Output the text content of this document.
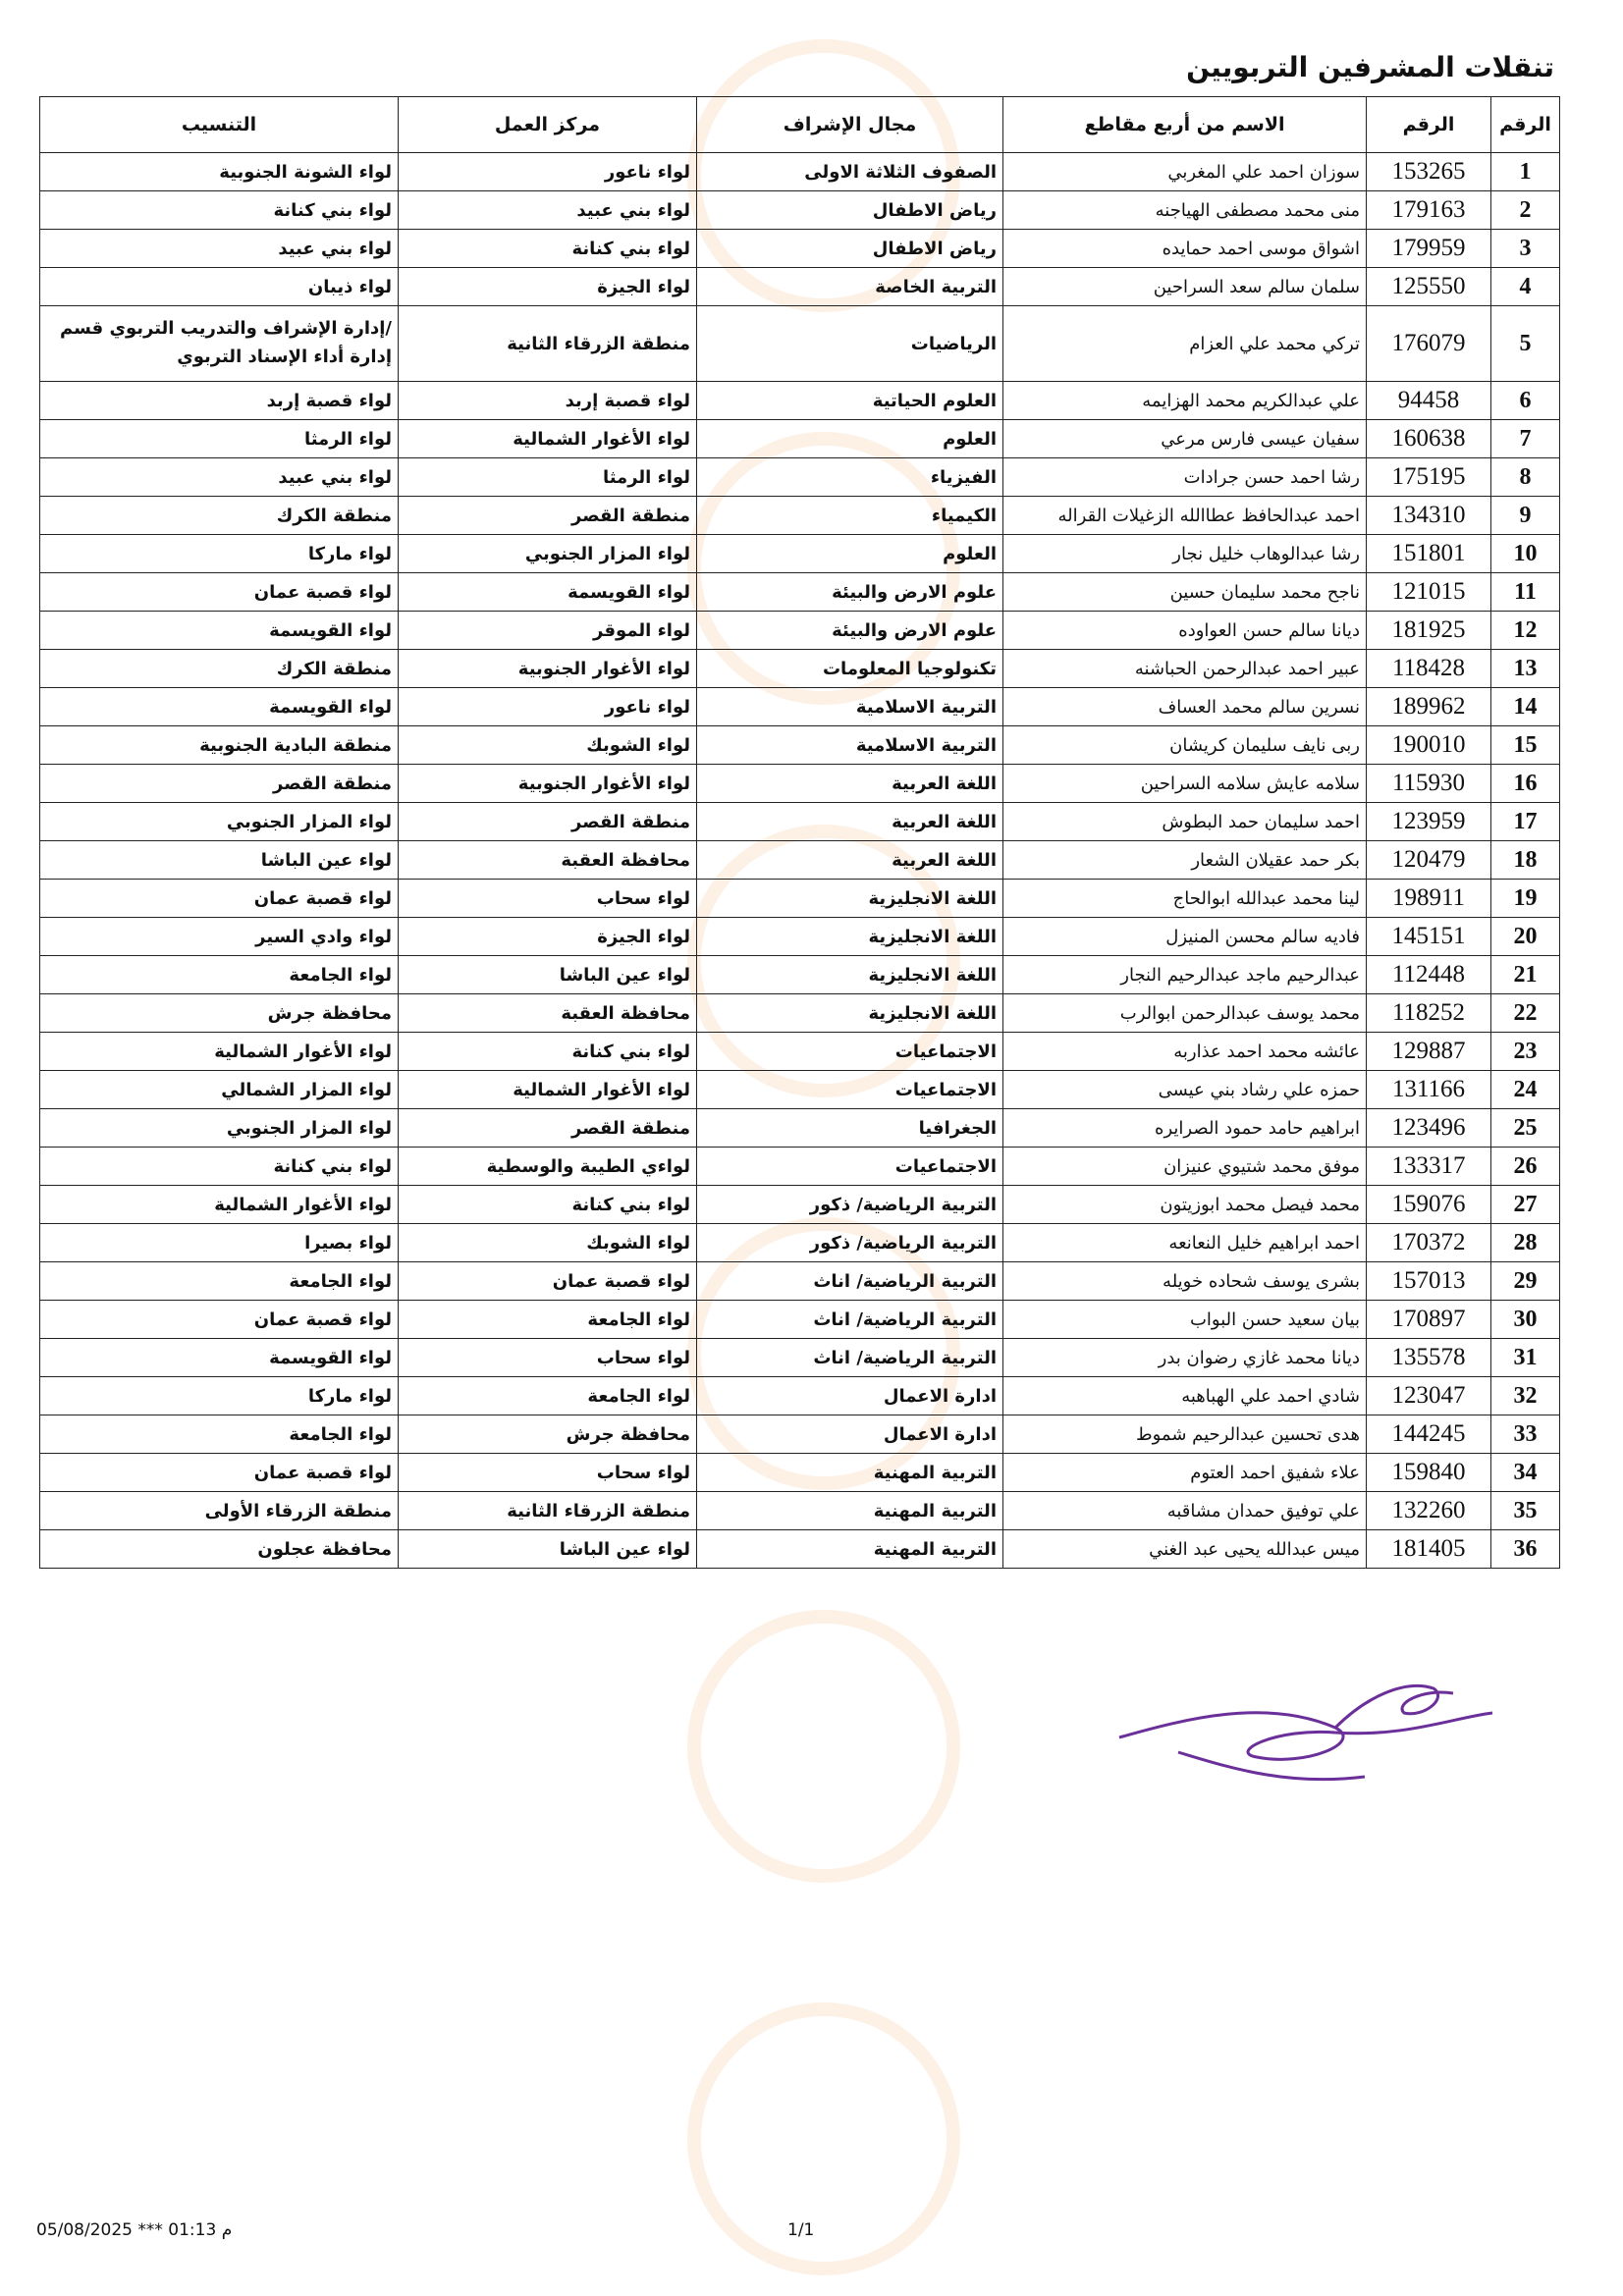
تنقلات المشرفين التربويين
الرقم	الرقم	الاسم من أربع مقاطع	مجال الإشراف	مركز العمل	التنسيب
1	153265	سوزان احمد علي المغربي	الصفوف الثلاثة الاولى	لواء ناعور	لواء الشونة الجنوبية
2	179163	منى محمد مصطفى الهياجنه	رياض الاطفال	لواء بني عبيد	لواء بني كنانة
3	179959	اشواق موسى احمد حمايده	رياض الاطفال	لواء بني كنانة	لواء بني عبيد
4	125550	سلمان سالم سعد السراحين	التربية الخاصة	لواء الجيزة	لواء ذيبان
5	176079	تركي محمد علي العزام	الرياضيات	منطقة الزرقاء الثانية	/إدارة الإشراف والتدريب التربوي قسم إدارة أداء الإسناد التربوي
6	94458	علي عبدالكريم محمد الهزايمه	العلوم الحياتية	لواء قصبة إربد	لواء قصبة إربد
7	160638	سفيان عيسى فارس مرعي	العلوم	لواء الأغوار الشمالية	لواء الرمثا
8	175195	رشا احمد حسن جرادات	الفيزياء	لواء الرمثا	لواء بني عبيد
9	134310	احمد عبدالحافظ عطاالله الزغيلات القراله	الكيمياء	منطقة القصر	منطقة الكرك
10	151801	رشا عبدالوهاب خليل نجار	العلوم	لواء المزار الجنوبي	لواء ماركا
11	121015	ناجح محمد سليمان حسين	علوم الارض والبيئة	لواء القويسمة	لواء قصبة عمان
12	181925	ديانا سالم حسن العواوده	علوم الارض والبيئة	لواء الموقر	لواء القويسمة
13	118428	عبير احمد عبدالرحمن الحباشنه	تكنولوجيا المعلومات	لواء الأغوار الجنوبية	منطقة الكرك
14	189962	نسرين سالم محمد العساف	التربية الاسلامية	لواء ناعور	لواء القويسمة
15	190010	ربى نايف سليمان كريشان	التربية الاسلامية	لواء الشوبك	منطقة البادية الجنوبية
16	115930	سلامه عايش سلامه السراحين	اللغة العربية	لواء الأغوار الجنوبية	منطقة القصر
17	123959	احمد سليمان حمد البطوش	اللغة العربية	منطقة القصر	لواء المزار الجنوبي
18	120479	بكر حمد عقيلان الشعار	اللغة العربية	محافظة العقبة	لواء عين الباشا
19	198911	لينا محمد عبدالله ابوالحاج	اللغة الانجليزية	لواء سحاب	لواء قصبة عمان
20	145151	فاديه سالم محسن المنيزل	اللغة الانجليزية	لواء الجيزة	لواء وادي السير
21	112448	عبدالرحيم ماجد عبدالرحيم النجار	اللغة الانجليزية	لواء عين الباشا	لواء الجامعة
22	118252	محمد يوسف عبدالرحمن ابوالرب	اللغة الانجليزية	محافظة العقبة	محافظة جرش
23	129887	عائشه محمد احمد عذاربه	الاجتماعيات	لواء بني كنانة	لواء الأغوار الشمالية
24	131166	حمزه علي رشاد بني عيسى	الاجتماعيات	لواء الأغوار الشمالية	لواء المزار الشمالي
25	123496	ابراهيم حامد حمود الصرايره	الجغرافيا	منطقة القصر	لواء المزار الجنوبي
26	133317	موفق محمد شتيوي عنيزان	الاجتماعيات	لواءي الطيبة والوسطية	لواء بني كنانة
27	159076	محمد فيصل محمد ابوزيتون	التربية الرياضية/ ذكور	لواء بني كنانة	لواء الأغوار الشمالية
28	170372	احمد ابراهيم خليل النعانعه	التربية الرياضية/ ذكور	لواء الشوبك	لواء بصيرا
29	157013	بشرى يوسف شحاده خويله	التربية الرياضية/ اناث	لواء قصبة عمان	لواء الجامعة
30	170897	بيان سعيد حسن البواب	التربية الرياضية/ اناث	لواء الجامعة	لواء قصبة عمان
31	135578	ديانا محمد غازي رضوان بدر	التربية الرياضية/ اناث	لواء سحاب	لواء القويسمة
32	123047	شادي احمد علي الهباهبه	ادارة الاعمال	لواء الجامعة	لواء ماركا
33	144245	هدى تحسين عبدالرحيم شموط	ادارة الاعمال	محافظة جرش	لواء الجامعة
34	159840	علاء شفيق احمد العتوم	التربية المهنية	لواء سحاب	لواء قصبة عمان
35	132260	علي توفيق حمدان مشاقبه	التربية المهنية	منطقة الزرقاء الثانية	منطقة الزرقاء الأولى
36	181405	ميس عبدالله يحيى عبد الغني	التربية المهنية	لواء عين الباشا	محافظة عجلون
05/08/2025 *** 01:13 م	1/1
